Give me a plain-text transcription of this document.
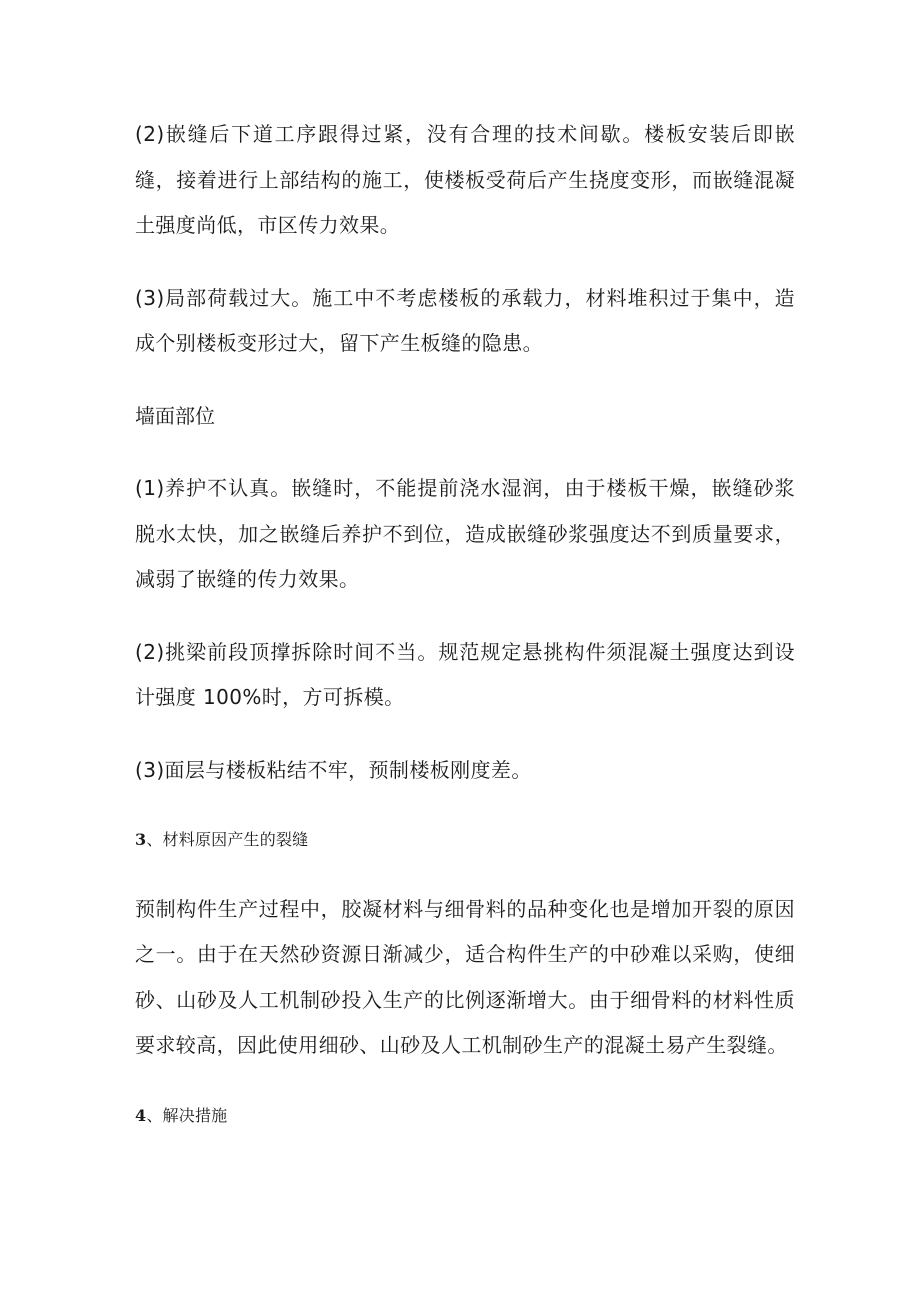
(2)嵌缝后下道工序跟得过紧，没有合理的技术间歇。楼板安装后即嵌缝，接着进行上部结构的施工，使楼板受荷后产生挠度变形，而嵌缝混凝土强度尚低，市区传力效果。

(3)局部荷载过大。施工中不考虑楼板的承载力，材料堆积过于集中，造成个别楼板变形过大，留下产生板缝的隐患。

墙面部位

(1)养护不认真。嵌缝时，不能提前浇水湿润，由于楼板干燥，嵌缝砂浆脱水太快，加之嵌缝后养护不到位，造成嵌缝砂浆强度达不到质量要求，减弱了嵌缝的传力效果。

(2)挑梁前段顶撑拆除时间不当。规范规定悬挑构件须混凝土强度达到设计强度 100%时，方可拆模。

(3)面层与楼板粘结不牢，预制楼板刚度差。

3、材料原因产生的裂缝

预制构件生产过程中，胶凝材料与细骨料的品种变化也是增加开裂的原因之一。由于在天然砂资源日渐减少，适合构件生产的中砂难以采购，使细砂、山砂及人工机制砂投入生产的比例逐渐增大。由于细骨料的材料性质要求较高，因此使用细砂、山砂及人工机制砂生产的混凝土易产生裂缝。

4、解决措施
